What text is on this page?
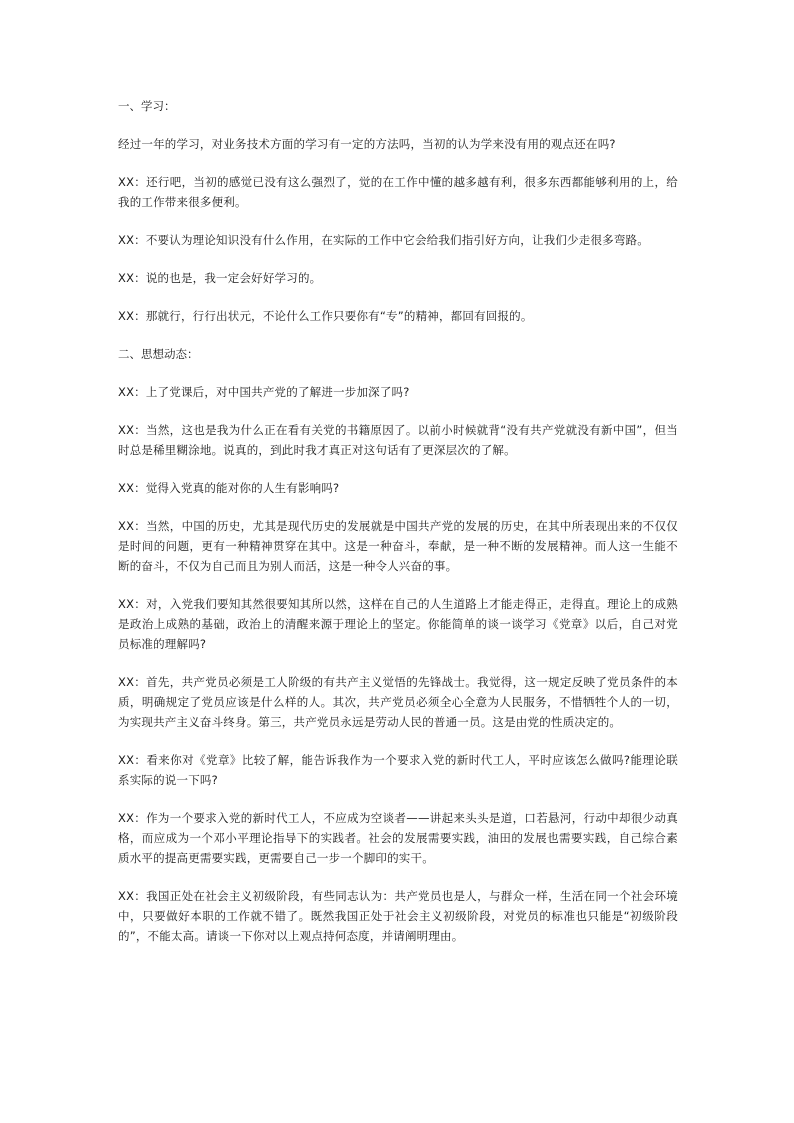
一、学习：

经过一年的学习，对业务技术方面的学习有一定的方法吗，当初的认为学来没有用的观点还在吗?

XX：还行吧，当初的感觉已没有这么强烈了，觉的在工作中懂的越多越有利，很多东西都能够利用的上，给我的工作带来很多便利。

XX：不要认为理论知识没有什么作用，在实际的工作中它会给我们指引好方向，让我们少走很多弯路。

XX：说的也是，我一定会好好学习的。

XX：那就行，行行出状元，不论什么工作只要你有“专”的精神，都回有回报的。

二、思想动态：

XX：上了党课后，对中国共产党的了解进一步加深了吗?

XX：当然，这也是我为什么正在看有关党的书籍原因了。以前小时候就背“没有共产党就没有新中国”，但当时总是稀里糊涂地。说真的，到此时我才真正对这句话有了更深层次的了解。

XX：觉得入党真的能对你的人生有影响吗?

XX：当然，中国的历史，尤其是现代历史的发展就是中国共产党的发展的历史，在其中所表现出来的不仅仅是时间的问题，更有一种精神贯穿在其中。这是一种奋斗，奉献，是一种不断的发展精神。而人这一生能不断的奋斗，不仅为自己而且为别人而活，这是一种令人兴奋的事。

XX：对，入党我们要知其然很要知其所以然，这样在自己的人生道路上才能走得正，走得直。理论上的成熟是政治上成熟的基础，政治上的清醒来源于理论上的坚定。你能简单的谈一谈学习《党章》以后，自己对党员标准的理解吗?

XX：首先，共产党员必须是工人阶级的有共产主义觉悟的先锋战士。我觉得，这一规定反映了党员条件的本质，明确规定了党员应该是什么样的人。其次，共产党员必须全心全意为人民服务，不惜牺牲个人的一切，为实现共产主义奋斗终身。第三，共产党员永远是劳动人民的普通一员。这是由党的性质决定的。

XX：看来你对《党章》比较了解，能告诉我作为一个要求入党的新时代工人，平时应该怎么做吗?能理论联系实际的说一下吗?

XX：作为一个要求入党的新时代工人，不应成为空谈者——讲起来头头是道，口若悬河，行动中却很少动真格，而应成为一个邓小平理论指导下的实践者。社会的发展需要实践，油田的发展也需要实践，自己综合素质水平的提高更需要实践，更需要自己一步一个脚印的实干。

XX：我国正处在社会主义初级阶段，有些同志认为：共产党员也是人，与群众一样，生活在同一个社会环境中，只要做好本职的工作就不错了。既然我国正处于社会主义初级阶段，对党员的标准也只能是“初级阶段的”，不能太高。请谈一下你对以上观点持何态度，并请阐明理由。
